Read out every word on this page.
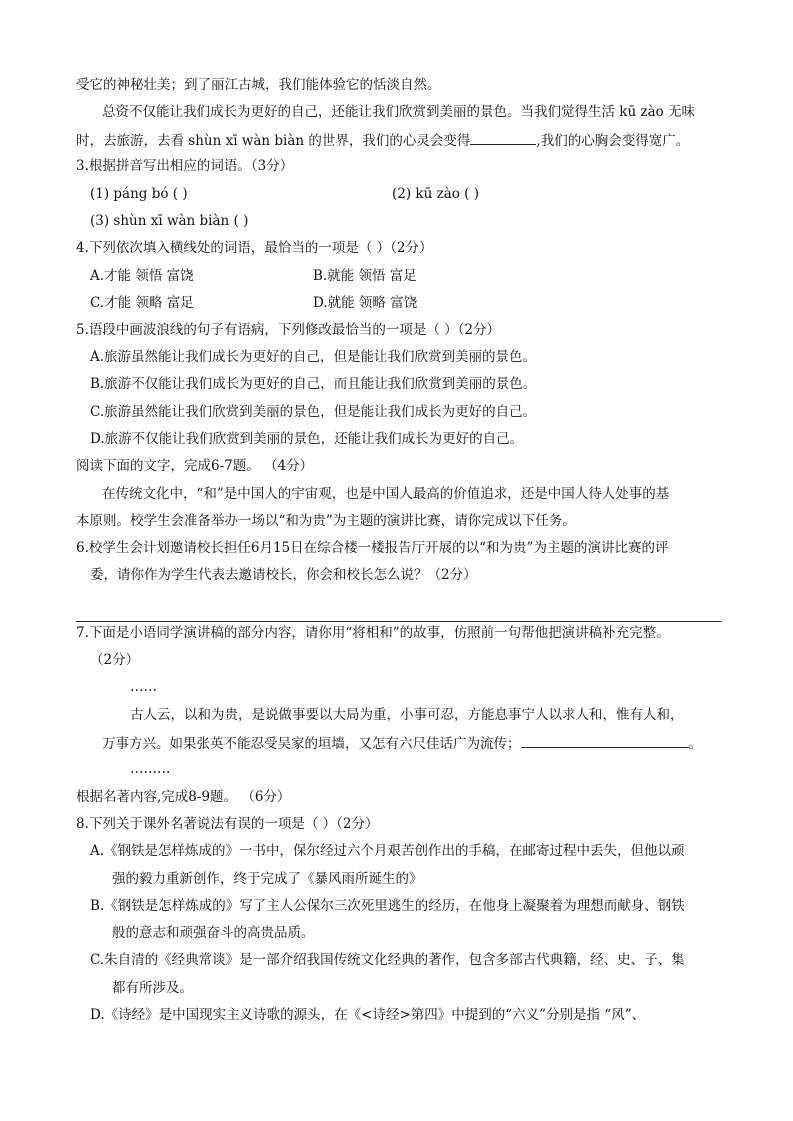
受它的神秘壮美；到了丽江古城，我们能体验它的恬淡自然。
总资不仅能让我们成长为更好的自己，还能让我们欣赏到美丽的景色。当我们觉得生活 kū zào 无味
时，去旅游，去看 shùn xī wàn biàn 的世界，我们的心灵会变得	,我们的心胸会变得宽广。
3.根据拼音写出相应的词语。（3分）
(1) páng bó ( )	(2) kū zào ( )
(3) shùn xī wàn biàn ( )
4.下列依次填入横线处的词语，最恰当的一项是（ ）（2分）
A.才能 领悟 富饶	B.就能 领悟 富足
C.才能 领略 富足	D.就能 领略 富饶
5.语段中画波浪线的句子有语病，下列修改最恰当的一项是（ ）（2分）
A.旅游虽然能让我们成长为更好的自己，但是能让我们欣赏到美丽的景色。
B.旅游不仅能让我们成长为更好的自己，而且能让我们欣赏到美丽的景色。
C.旅游虽然能让我们欣赏到美丽的景色，但是能让我们成长为更好的自己。
D.旅游不仅能让我们欣赏到美丽的景色，还能让我们成长为更好的自己。
阅读下面的文字，完成6-7题。 （4分）
在传统文化中，“和”是中国人的宇宙观，也是中国人最高的价值追求，还是中国人待人处事的基
本原则。校学生会准备举办一场以“和为贵”为主题的演讲比赛，请你完成以下任务。
6.校学生会计划邀请校长担任6月15日在综合楼一楼报告厅开展的以“和为贵”为主题的演讲比赛的评
委，请你作为学生代表去邀请校长，你会和校长怎么说？（2分）
7.下面是小语同学演讲稿的部分内容，请你用“将相和”的故事，仿照前一句帮他把演讲稿补充完整。
（2分）
……
古人云，以和为贵，是说做事要以大局为重，小事可忍，方能息事宁人以求人和，惟有人和，
万事方兴。如果张英不能忍受吴家的垣墙，又怎有六尺佳话广为流传；	。
………
根据名著内容,完成8-9题。 （6分）
8.下列关于课外名著说法有误的一项是（ ）（2分）
A.《钢铁是怎样炼成的》一书中，保尔经过六个月艰苦创作出的手稿，在邮寄过程中丢失，但他以顽
强的毅力重新创作，终于完成了《暴风雨所诞生的》
B.《钢铁是怎样炼成的》写了主人公保尔三次死里逃生的经历，在他身上凝聚着为理想而献身、钢铁
般的意志和顽强奋斗的高贵品质。
C.朱自清的《经典常谈》是一部介绍我国传统文化经典的著作，包含多部古代典籍，经、史、子、集
都有所涉及。
D.《诗经》是中国现实主义诗歌的源头，在《<诗经>第四》中提到的“六义”分别是指 “风”、
